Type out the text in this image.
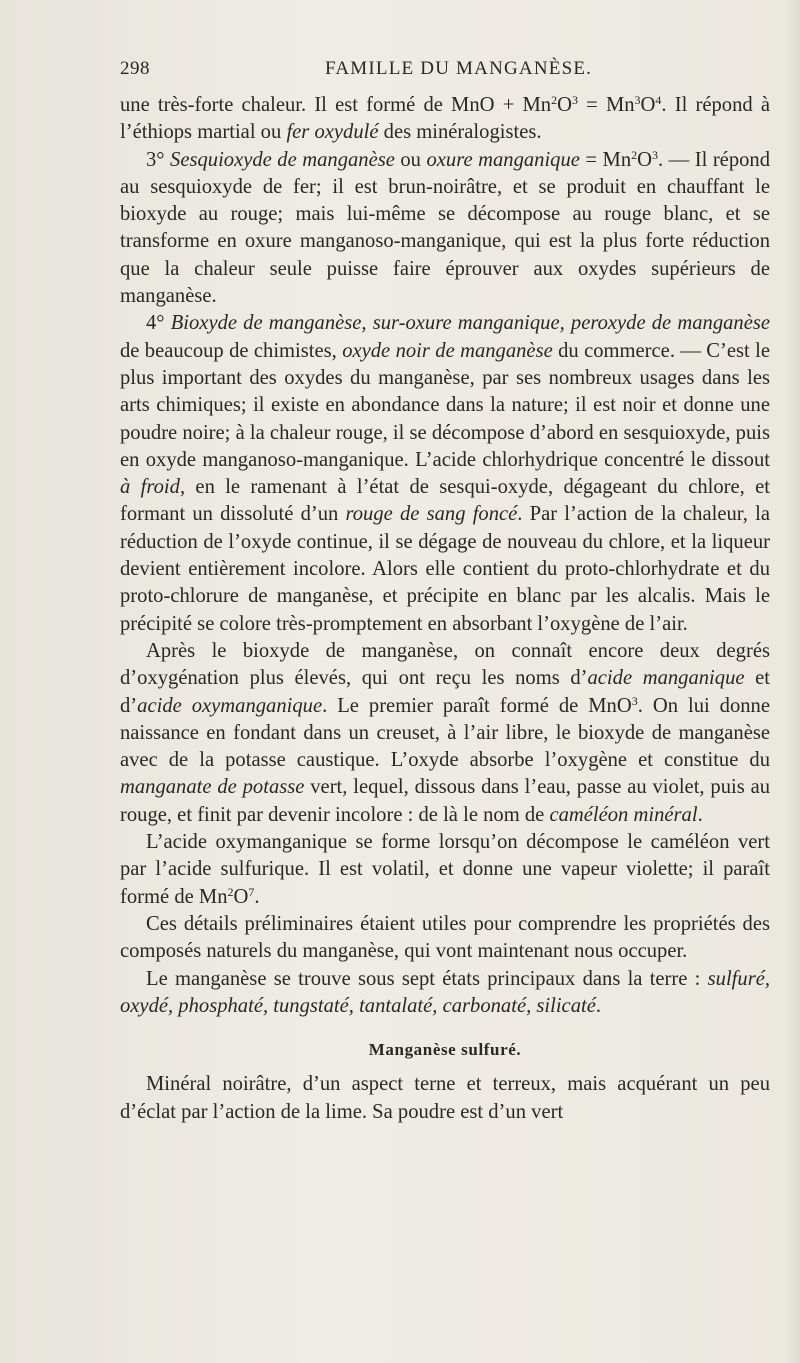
298	FAMILLE DU MANGANÈSE.

une très-forte chaleur. Il est formé de MnO + $Mn^2O^3 = Mn^3O^4$. Il répond à l’éthiops martial ou fer oxydulé des minéralogistes.

3° Sesquioxyde de manganèse ou oxure manganique = $Mn^2O^3$. — Il répond au sesquioxyde de fer; il est brun-noirâtre, et se produit en chauffant le bioxyde au rouge; mais lui-même se décompose au rouge blanc, et se transforme en oxure manganoso-manganique, qui est la plus forte réduction que la chaleur seule puisse faire éprouver aux oxydes supérieurs de manganèse.

4° Bioxyde de manganèse, sur-oxure manganique, peroxyde de manganèse de beaucoup de chimistes, oxyde noir de manganèse du commerce. — C’est le plus important des oxydes du manganèse, par ses nombreux usages dans les arts chimiques; il existe en abondance dans la nature; il est noir et donne une poudre noire; à la chaleur rouge, il se décompose d’abord en sesquioxyde, puis en oxyde manganoso-manganique. L’acide chlorhydrique concentré le dissout à froid, en le ramenant à l’état de sesqui-oxyde, dégageant du chlore, et formant un dissoluté d’un rouge de sang foncé. Par l’action de la chaleur, la réduction de l’oxyde continue, il se dégage de nouveau du chlore, et la liqueur devient entièrement incolore. Alors elle contient du proto-chlorhydrate et du proto-chlorure de manganèse, et précipite en blanc par les alcalis. Mais le précipité se colore très-promptement en absorbant l’oxygène de l’air.

Après le bioxyde de manganèse, on connaît encore deux degrés d’oxygénation plus élevés, qui ont reçu les noms d’acide manganique et d’acide oxymanganique. Le premier paraît formé de MnO$^3$. On lui donne naissance en fondant dans un creuset, à l’air libre, le bioxyde de manganèse avec de la potasse caustique. L’oxyde absorbe l’oxygène et constitue du manganate de potasse vert, lequel, dissous dans l’eau, passe au violet, puis au rouge, et finit par devenir incolore : de là le nom de caméléon minéral.

L’acide oxymanganique se forme lorsqu’on décompose le caméléon vert par l’acide sulfurique. Il est volatil, et donne une vapeur violette; il paraît formé de $Mn^2O^7$.

Ces détails préliminaires étaient utiles pour comprendre les propriétés des composés naturels du manganèse, qui vont maintenant nous occuper.

Le manganèse se trouve sous sept états principaux dans la terre : sulfuré, oxydé, phosphaté, tungstaté, tantalaté, carbonaté, silicaté.

Manganèse sulfuré.

Minéral noirâtre, d’un aspect terne et terreux, mais acquérant un peu d’éclat par l’action de la lime. Sa poudre est d’un vert
